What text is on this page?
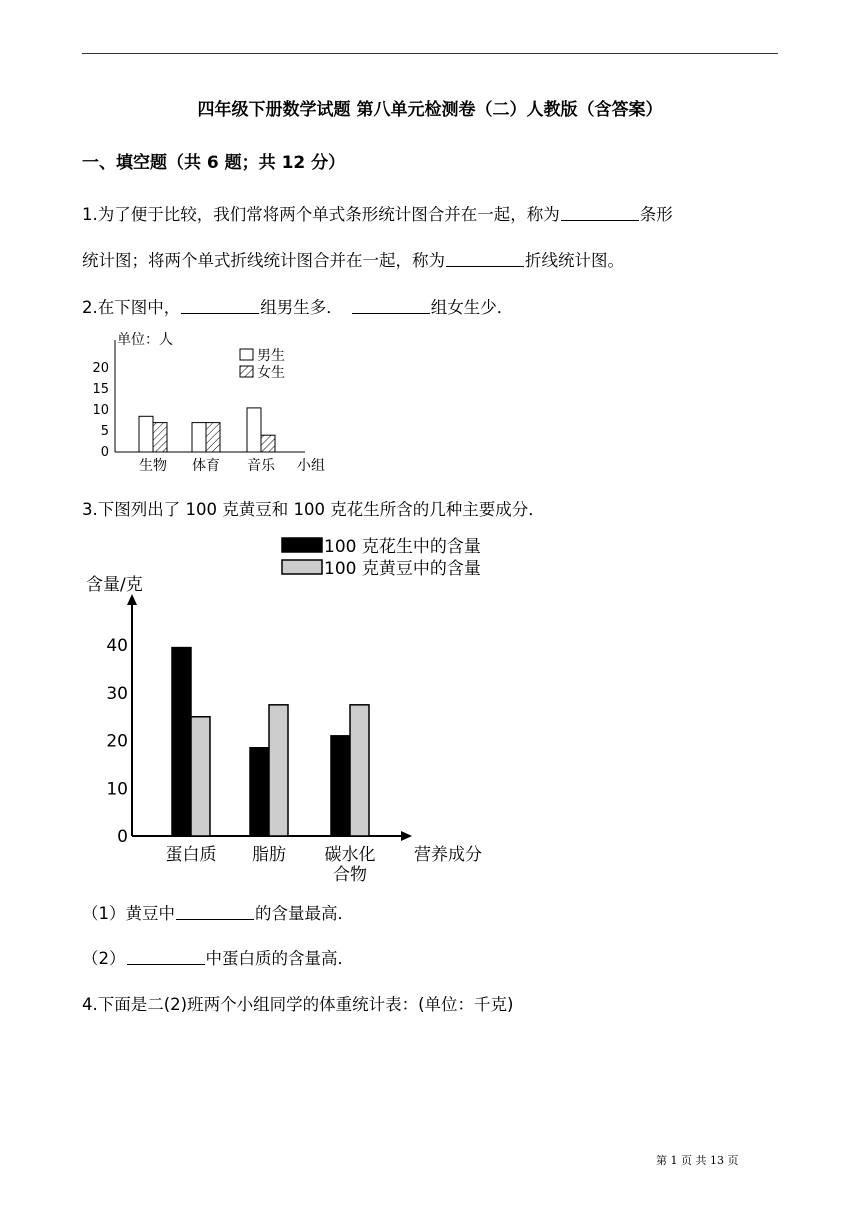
四年级下册数学试题 第八单元检测卷（二）人教版（含答案）
一、填空题（共 6 题；共 12 分）
1.为了便于比较，我们常将两个单式条形统计图合并在一起，称为	条形
统计图；将两个单式折线统计图合并在一起，称为	折线统计图。
2.在下图中，	组男生多．	组女生少．
0
5
10
15
20
单位：人
小组
生物 体育 音乐
男生
女生
3.下图列出了 100 克黄豆和 100 克花生所含的几种主要成分．
0
10
20
30
40
含量/克
营养成分
蛋白质 脂肪 碳水化
合物
100 克花生中的含量
100 克黄豆中的含量
（1）黄豆中	的含量最高．
（2）	中蛋白质的含量高．
4.下面是二(2)班两个小组同学的体重统计表：(单位：千克)
第 1 页 共 13 页
